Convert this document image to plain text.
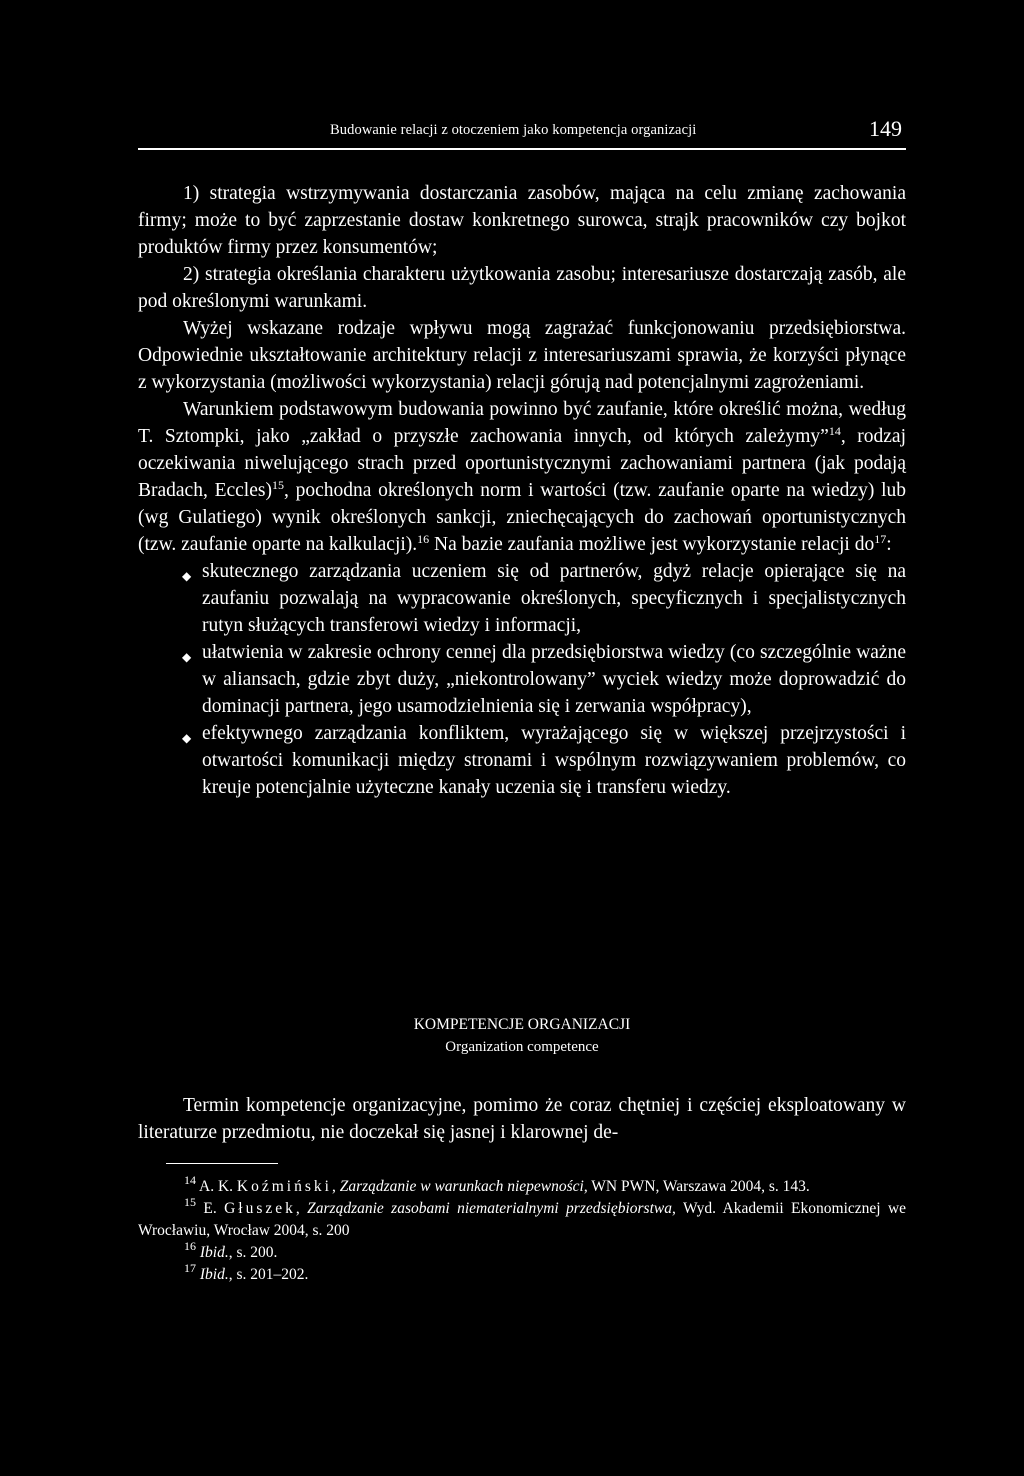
Budowanie relacji z otoczeniem jako kompetencja organizacji	149

1) strategia wstrzymywania dostarczania zasobów, mająca na celu zmianę zachowania firmy; może to być zaprzestanie dostaw konkretnego surowca, strajk pracowników czy bojkot produktów firmy przez konsumentów;

2) strategia określania charakteru użytkowania zasobu; interesariusze dostarczają zasób, ale pod określonymi warunkami.

Wyżej wskazane rodzaje wpływu mogą zagrażać funkcjonowaniu przedsiębiorstwa. Odpowiednie ukształtowanie architektury relacji z interesariuszami sprawia, że korzyści płynące z wykorzystania (możliwości wykorzystania) relacji górują nad potencjalnymi zagrożeniami.

Warunkiem podstawowym budowania powinno być zaufanie, które określić można, według T. Sztompki, jako „zakład o przyszłe zachowania innych, od których zależymy”$^{14}$, rodzaj oczekiwania niwelującego strach przed oportunistycznymi zachowaniami partnera (jak podają Bradach, Eccles)$^{15}$, pochodna określonych norm i wartości (tzw. zaufanie oparte na wiedzy) lub (wg Gulatiego) wynik określonych sankcji, zniechęcających do zachowań oportunistycznych (tzw. zaufanie oparte na kalkulacji).$^{16}$ Na bazie zaufania możliwe jest wykorzystanie relacji $do^{17}$:

◆ skutecznego zarządzania uczeniem się od partnerów, gdyż relacje opierające się na zaufaniu pozwalają na wypracowanie określonych, specyficznych i specjalistycznych rutyn służących transferowi wiedzy i informacji,
◆ ułatwienia w zakresie ochrony cennej dla przedsiębiorstwa wiedzy (co szczególnie ważne w aliansach, gdzie zbyt duży, „niekontrolowany” wyciek wiedzy może doprowadzić do dominacji partnera, jego usamodzielnienia się i zerwania współpracy),
◆ efektywnego zarządzania konfliktem, wyrażającego się w większej przejrzystości i otwartości komunikacji między stronami i wspólnym rozwiązywaniem problemów, co kreuje potencjalnie użyteczne kanały uczenia się i transferu wiedzy.
KOMPETENCJE ORGANIZACJI
Organization competence

Termin kompetencje organizacyjne, pomimo że coraz chętniej i częściej eksploatowany w literaturze przedmiotu, nie doczekał się jasnej i klarownej de-

$^{14}$ A. K. Koźmiński, Zarządzanie w warunkach niepewności, WN PWN, Warszawa 2004, s. 143.

$^{15}$ E. Głuszek, Zarządzanie zasobami niematerialnymi przedsiębiorstwa, Wyd. Akademii Ekonomicznej we Wrocławiu, Wrocław 2004, s. 200

$^{16}$ Ibid., s. 200.

$^{17}$ Ibid., s. 201–202.
